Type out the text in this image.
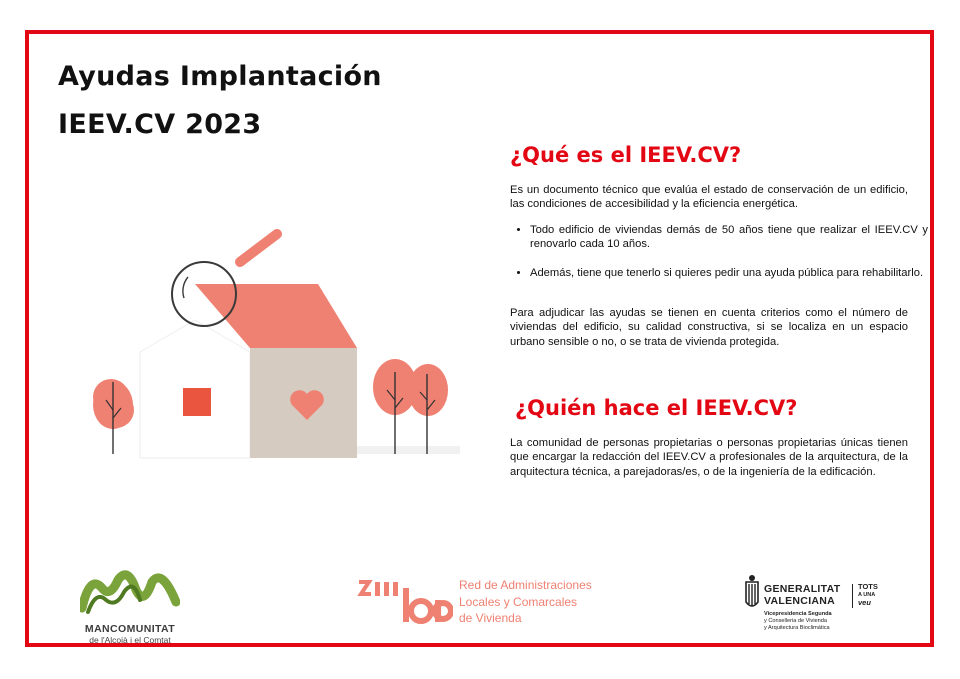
Ayudas Implantación
IEEV.CV 2023
¿Qué es el IEEV.CV?
Es un documento técnico que evalúa el estado de conservación de un edificio, las condiciones de accesibilidad y la eficiencia energética.
• Todo edificio de viviendas demás de 50 años tiene que realizar el IEEV.CV y renovarlo cada 10 años.
• Además, tiene que tenerlo si quieres pedir una ayuda pública para rehabilitarlo.
Para adjudicar las ayudas se tienen en cuenta criterios como el número de viviendas del edificio, su calidad constructiva, si se localiza en un espacio urbano sensible o no, o se trata de vivienda protegida.
¿Quién hace el IEEV.CV?
La comunidad de personas propietarias o personas propietarias únicas tienen que encargar la redacción del IEEV.CV a profesionales de la arquitectura, de la arquitectura técnica, a parejadoras/es, o de la ingeniería de la edificación.
MANCOMUNITAT
de l'Alcoià i el Comtat
Red de Administraciones
Locales y Comarcales
de Vivienda
GENERALITAT
VALENCIANA
TOTS
A UNA
veu
Vicepresidencia Segunda
y Conselleria de Vivienda
y Arquitectura Bioclimática
